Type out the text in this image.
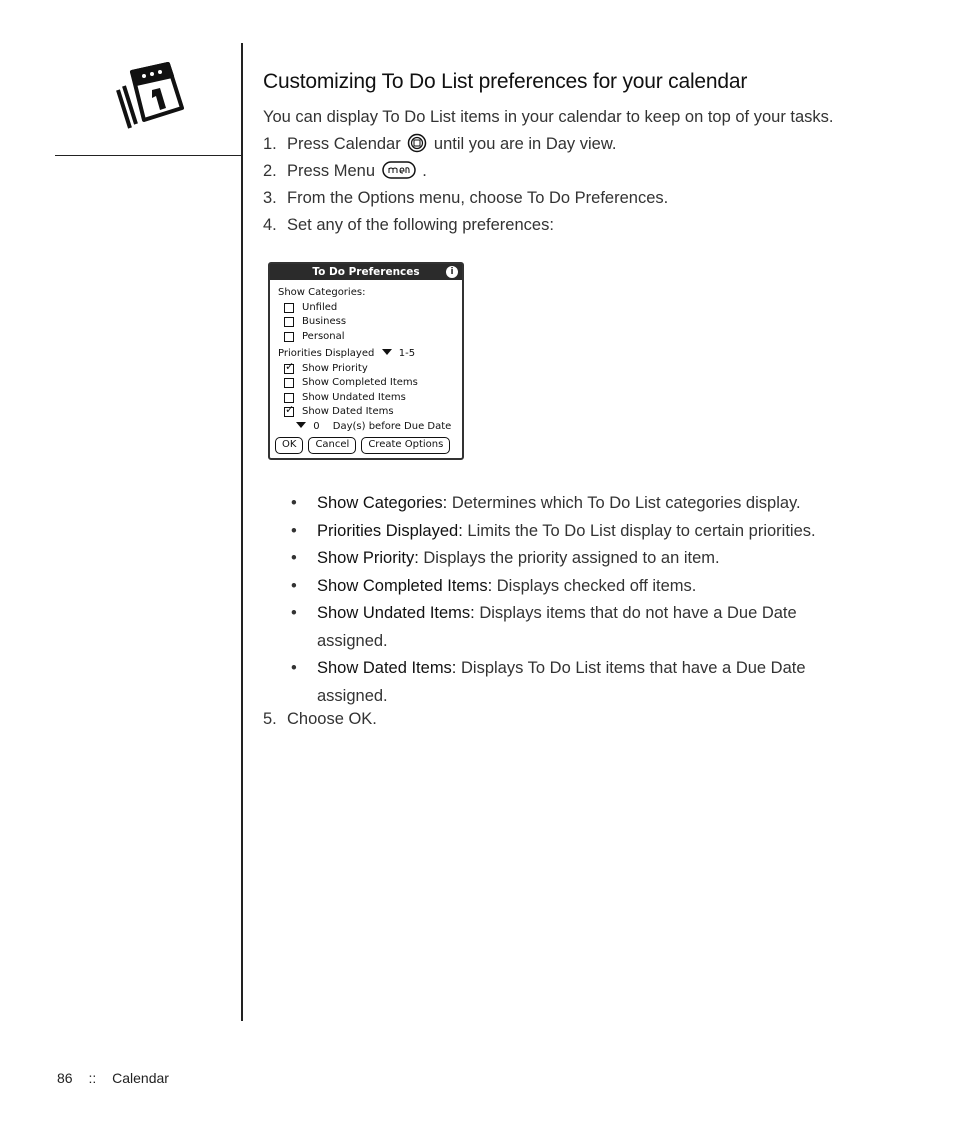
Customizing To Do List preferences for your calendar
You can display To Do List items in your calendar to keep on top of your tasks.
1. Press Calendar until you are in Day view.
2. Press Menu	.
3. From the Options menu, choose To Do Preferences.
4. Set any of the following preferences:
To Do Preferences	i
Show Categories:
Unfiled
Business
Personal
Priorities Displayed 1-5
✓
Show Priority
Show Completed Items
Show Undated Items
✓
Show Dated Items
0 Day(s) before Due Date
OK	Cancel	Create Options
•	Show Categories: Determines which To Do List categories display.
•	Priorities Displayed: Limits the To Do List display to certain priorities.
•	Show Priority: Displays the priority assigned to an item.
•	Show Completed Items: Displays checked off items.
•	Show Undated Items: Displays items that do not have a Due Date
assigned.
•	Show Dated Items: Displays To Do List items that have a Due Date
assigned.
5. Choose OK.
86 :: Calendar
